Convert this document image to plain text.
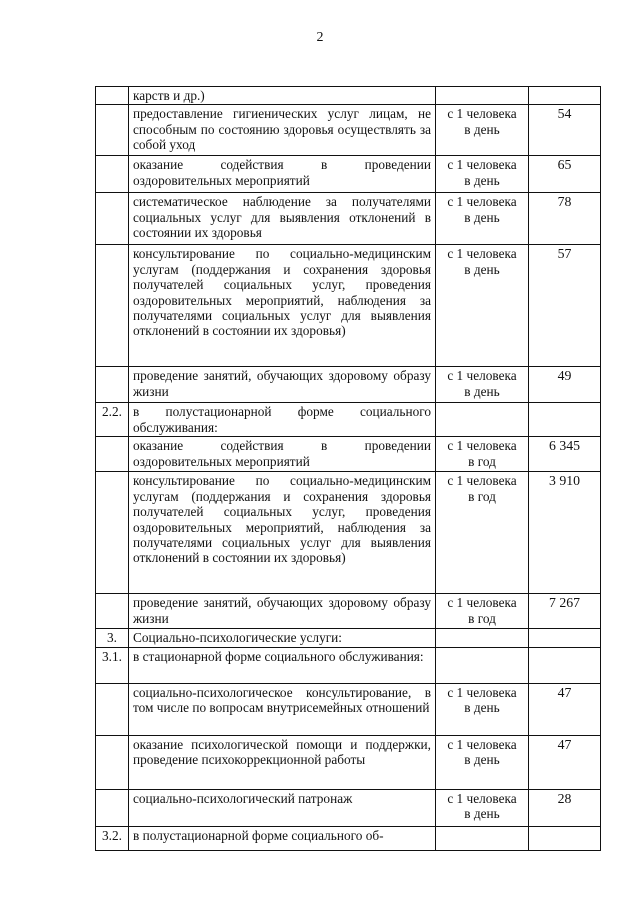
2
	карств и др.)	

	предоставление гигиенических услуг лицам, не способным по состоянию здоровья осуществлять за собой уход	с 1 человека
в день	54
	оказание содействия в проведении оздоровительных мероприятий	с 1 человека
в день	65
	систематическое наблюдение за получателями социальных услуг для выявления отклонений в состоянии их здоровья	с 1 человека
в день	78
	консультирование по социально-медицинским услугам (поддержания и сохранения здоровья получателей социальных услуг, проведения оздоровительных мероприятий, наблюдения за получателями социальных услуг для выявления отклонений в состоянии их здоровья)	с 1 человека
в день	57
	проведение занятий, обучающих здоровому образу жизни	с 1 человека
в день	49
2.2.	в полустационарной форме социального обслуживания:	

	оказание содействия в проведении оздоровительных мероприятий	с 1 человека
в год	6 345
	консультирование по социально-медицинским услугам (поддержания и сохранения здоровья получателей социальных услуг, проведения оздоровительных мероприятий, наблюдения за получателями социальных услуг для выявления отклонений в состоянии их здоровья)	с 1 человека
в год	3 910
	проведение занятий, обучающих здоровому образу жизни	с 1 человека
в год	7 267
3.	Социально-психологические услуги:	

3.1.	в стационарной форме социального обслуживания:	

	социально-психологическое консультирование, в том числе по вопросам внутрисемейных отношений	с 1 человека
в день	47
	оказание психологической помощи и поддержки, проведение психокоррекционной работы	с 1 человека
в день	47
	социально-психологический патронаж	с 1 человека
в день	28
3.2.	в полустационарной форме социального об-	
